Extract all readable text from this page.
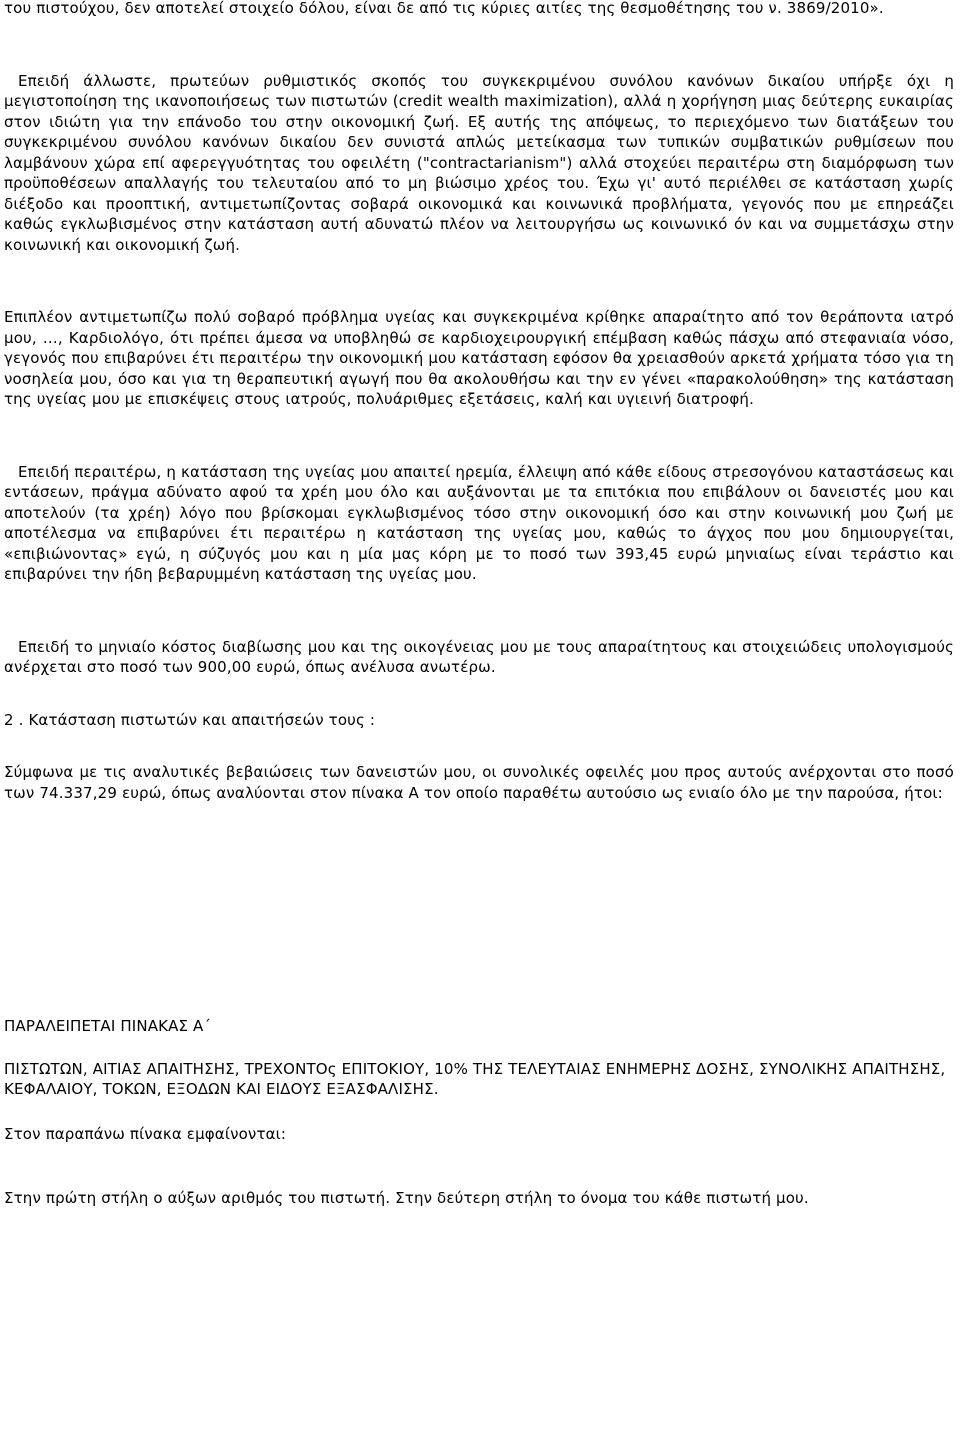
του πιστούχου, δεν αποτελεί στοιχείο δόλου, είναι δε από τις κύριες αιτίες της θεσμοθέτησης του ν. 3869/2010».

Επειδή άλλωστε, πρωτεύων ρυθμιστικός σκοπός του συγκεκριμένου συνόλου κανόνων δικαίου υπήρξε όχι η μεγιστοποίηση της ικανοποιήσεως των πιστωτών (credit wealth maximization), αλλά η χορήγηση μιας δεύτερης ευκαιρίας στον ιδιώτη για την επάνοδο του στην οικονομική ζωή. Εξ αυτής της απόψεως, το περιεχόμενο των διατάξεων του συγκεκριμένου συνόλου κανόνων δικαίου δεν συνιστά απλώς μετείκασμα των τυπικών συμβατικών ρυθμίσεων που λαμβάνουν χώρα επί αφερεγγυότητας του οφειλέτη ("contractarianism") αλλά στοχεύει περαιτέρω στη διαμόρφωση των προϋποθέσεων απαλλαγής του τελευταίου από το μη βιώσιμο χρέος του. Έχω γι' αυτό περιέλθει σε κατάσταση χωρίς διέξοδο και προοπτική, αντιμετωπίζοντας σοβαρά οικονομικά και κοινωνικά προβλήματα, γεγονός που με επηρεάζει καθώς εγκλωβισμένος στην κατάσταση αυτή αδυνατώ πλέον να λειτουργήσω ως κοινωνικό όν και να συμμετάσχω στην κοινωνική και οικονομική ζωή.

Επιπλέον αντιμετωπίζω πολύ σοβαρό πρόβλημα υγείας και συγκεκριμένα κρίθηκε απαραίτητο από τον θεράποντα ιατρό μου, …, Καρδιολόγο, ότι πρέπει άμεσα να υποβληθώ σε καρδιοχειρουργική επέμβαση καθώς πάσχω από στεφανιαία νόσο, γεγονός που επιβαρύνει έτι περαιτέρω την οικονομική μου κατάσταση εφόσον θα χρειασθούν αρκετά χρήματα τόσο για τη νοσηλεία μου, όσο και για τη θεραπευτική αγωγή που θα ακολουθήσω και την εν γένει «παρακολούθηση» της κατάσταση της υγείας μου με επισκέψεις στους ιατρούς, πολυάριθμες εξετάσεις, καλή και υγιεινή διατροφή.

Επειδή περαιτέρω, η κατάσταση της υγείας μου απαιτεί ηρεμία, έλλειψη από κάθε είδους στρεσογόνου καταστάσεως και εντάσεων, πράγμα αδύνατο αφού τα χρέη μου όλο και αυξάνονται με τα επιτόκια που επιβάλουν οι δανειστές μου και αποτελούν (τα χρέη) λόγο που βρίσκομαι εγκλωβισμένος τόσο στην οικονομική όσο και στην κοινωνική μου ζωή με αποτέλεσμα να επιβαρύνει έτι περαιτέρω η κατάσταση της υγείας μου, καθώς το άγχος που μου δημιουργείται, «επιβιώνοντας» εγώ, η σύζυγός μου και η μία μας κόρη με το ποσό των 393,45 ευρώ μηνιαίως είναι τεράστιο και επιβαρύνει την ήδη βεβαρυμμένη κατάσταση της υγείας μου.

Επειδή το μηνιαίο κόστος διαβίωσης μου και της οικογένειας μου με τους απαραίτητους και στοιχειώδεις υπολογισμούς ανέρχεται στο ποσό των 900,00 ευρώ, όπως ανέλυσα ανωτέρω.

2 . Κατάσταση πιστωτών και απαιτήσεών τους :

Σύμφωνα με τις αναλυτικές βεβαιώσεις των δανειστών μου, οι συνολικές οφειλές μου προς αυτούς ανέρχονται στο ποσό των 74.337,29 ευρώ, όπως αναλύονται στον πίνακα Α τον οποίο παραθέτω αυτούσιο ως ενιαίο όλο με την παρούσα, ήτοι:

ΠΑΡΑΛΕΙΠΕΤΑΙ ΠΙΝΑΚΑΣ Α΄

ΠΙΣΤΩΤΩΝ, ΑΙΤΙΑΣ ΑΠΑΙΤΗΣΗΣ, ΤΡΕΧΟΝΤΟς ΕΠΙΤΟΚΙΟΥ, 10% ΤΗΣ ΤΕΛΕΥΤΑΙΑΣ ΕΝΗΜΕΡΗΣ ΔΟΣΗΣ, ΣΥΝΟΛΙΚΗΣ ΑΠΑΙΤΗΣΗΣ, ΚΕΦΑΛΑΙΟΥ, ΤΟΚΩΝ, ΕΞΟΔΩΝ ΚΑΙ ΕΙΔΟΥΣ ΕΞΑΣΦΑΛΙΣΗΣ.

Στον παραπάνω πίνακα εμφαίνονται:

Στην πρώτη στήλη ο αύξων αριθμός του πιστωτή. Στην δεύτερη στήλη το όνομα του κάθε πιστωτή μου.
